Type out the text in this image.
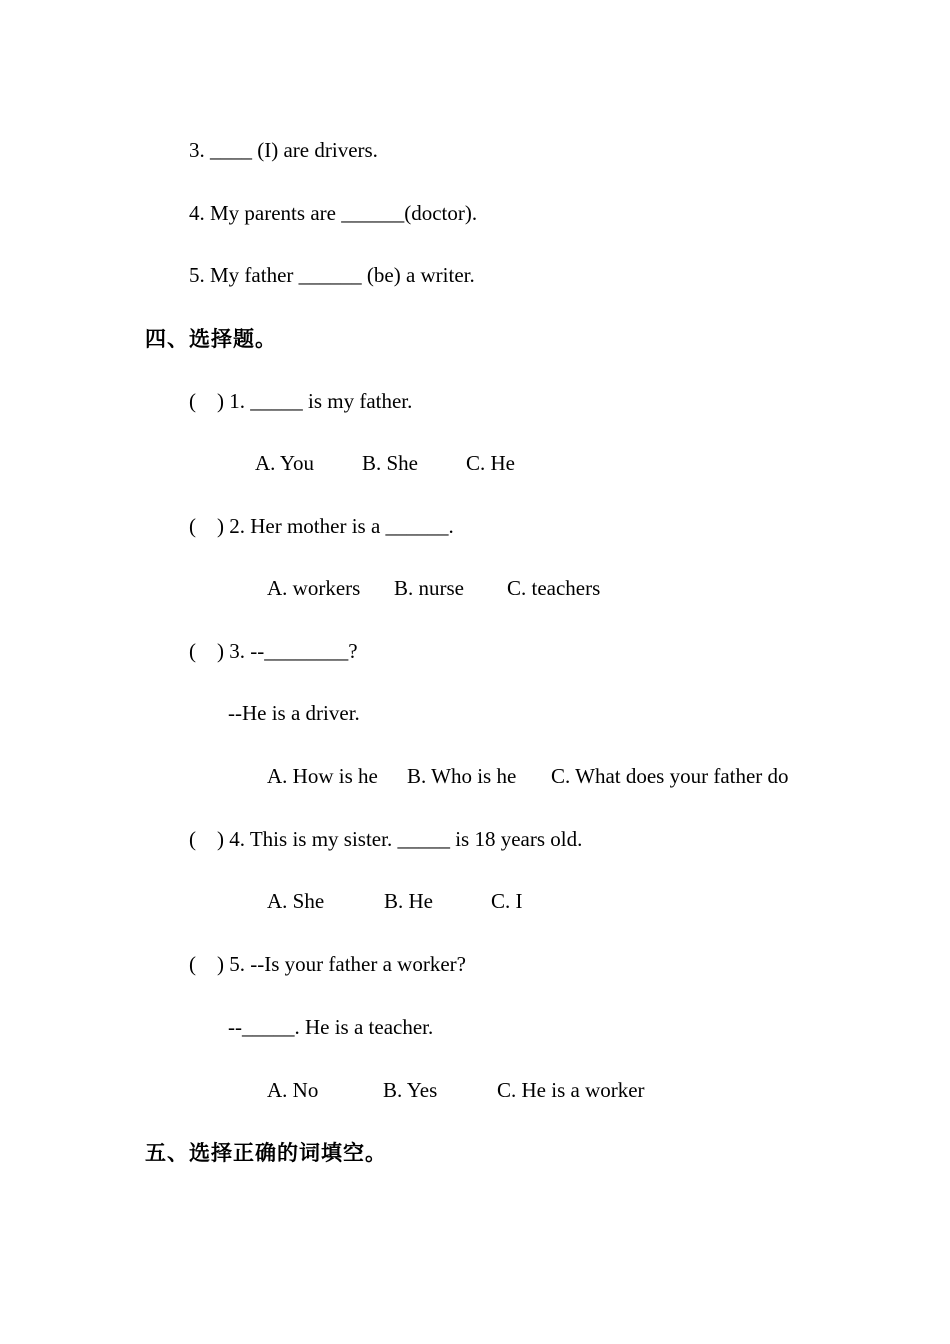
3. ____ (I) are drivers.
4. My parents are ______(doctor).
5. My father ______ (be) a writer.
四、选择题。
(    ) 1. _____ is my father.
A. You B. She C. He
(    ) 2. Her mother is a ______.
A. workers B. nurse C. teachers
(    ) 3. --________?
--He is a driver.
A. How is he B. Who is he C. What does your father do
(    ) 4. This is my sister. _____ is 18 years old.
A. She	B. He	C. I
(    ) 5. --Is your father a worker?
--_____. He is a teacher.
A. No	B. Yes	C. He is a worker
五、选择正确的词填空。
